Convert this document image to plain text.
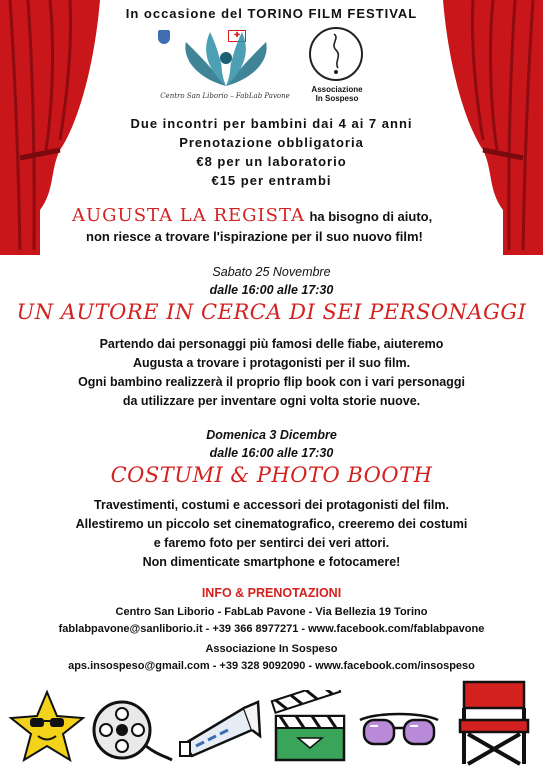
In occasione del TORINO FILM FESTIVAL
✚
Centro San Liborio – FabLab Pavone
Associazione
In Sospeso
Due incontri per bambini dai 4 ai 7 anni
Prenotazione obbligatoria
€8 per un laboratorio
€15 per entrambi
AUGUSTA LA REGISTA ha bisogno di aiuto,
non riesce a trovare l'ispirazione per il suo nuovo film!
Sabato 25 Novembre
dalle 16:00 alle 17:30
UN AUTORE IN CERCA DI SEI PERSONAGGI
Partendo dai personaggi più famosi delle fiabe, aiuteremo
Augusta a trovare i protagonisti per il suo film.
Ogni bambino realizzerà il proprio flip book con i vari personaggi
da utilizzare per inventare ogni volta storie nuove.
Domenica 3 Dicembre
dalle 16:00 alle 17:30
COSTUMI & PHOTO BOOTH
Travestimenti, costumi e accessori dei protagonisti del film.
Allestiremo un piccolo set cinematografico, creeremo dei costumi
e faremo foto per sentirci dei veri attori.
Non dimenticate smartphone e fotocamere!
INFO & PRENOTAZIONI
Centro San Liborio - FabLab Pavone - Via Bellezia 19 Torino
fablabpavone@sanliborio.it - +39 366 8977271 - www.facebook.com/fablabpavone
Associazione In Sospeso
aps.insospeso@gmail.com - +39 328 9092090 - www.facebook.com/insospeso
